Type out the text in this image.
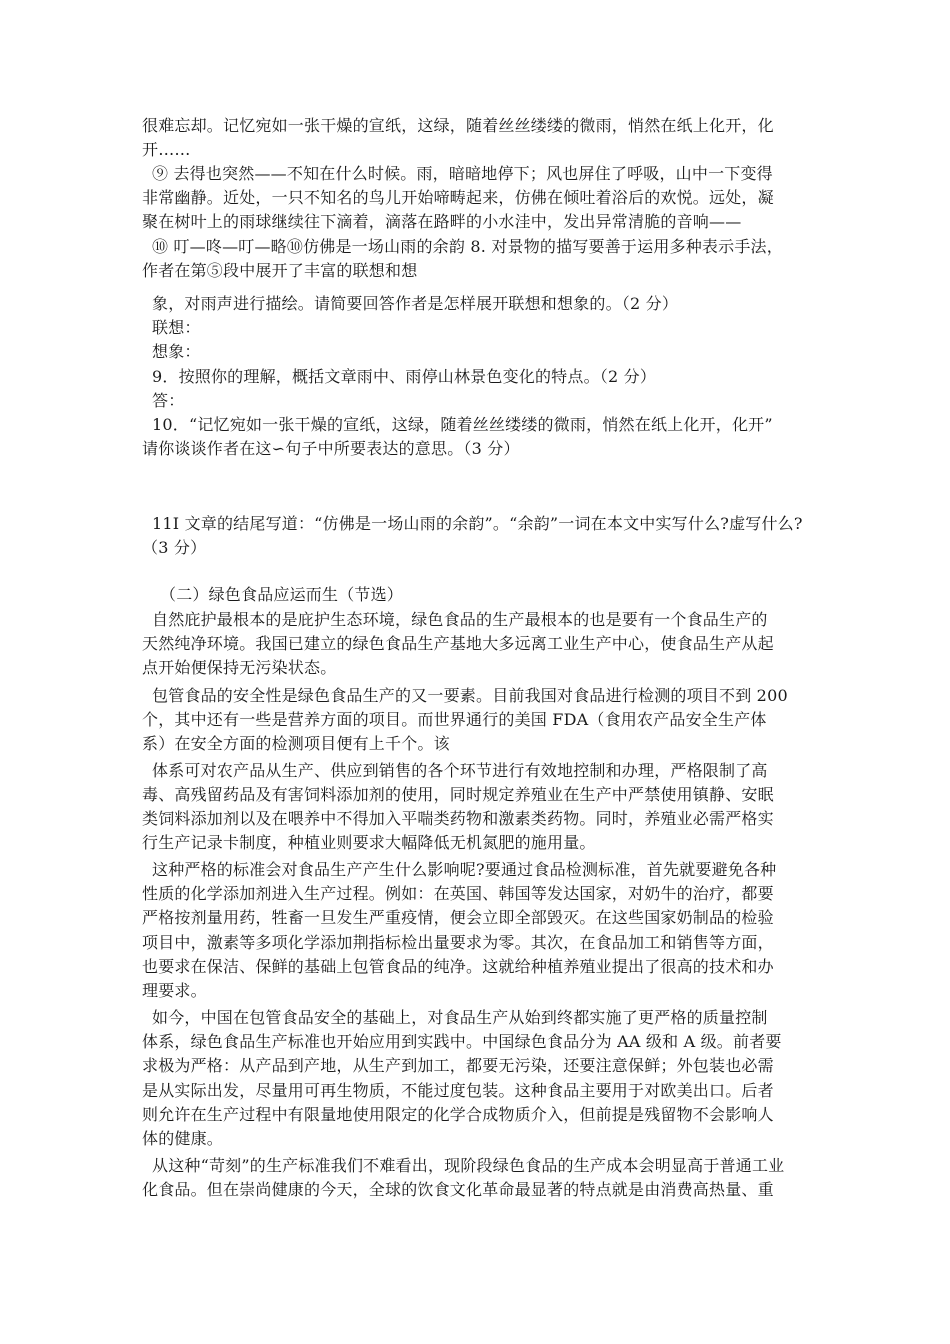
很难忘却。记忆宛如一张干燥的宣纸，这绿，随着丝丝缕缕的微雨，悄然在纸上化开，化
开……
⑨ 去得也突然——不知在什么时候。雨，暗暗地停下；风也屏住了呼吸，山中一下变得
非常幽静。近处，一只不知名的鸟儿开始啼畴起来，仿佛在倾吐着浴后的欢悦。远处，凝
聚在树叶上的雨球继续往下滴着，滴落在路畔的小水洼中，发出异常清脆的音响——
⑩ 叮—咚—叮—略⑩仿佛是一场山雨的余韵 8. 对景物的描写要善于运用多种表示手法，
作者在第⑤段中展开了丰富的联想和想
象，对雨声进行描绘。请简要回答作者是怎样展开联想和想象的。（2 分）
联想：
想象：
9．按照你的理解，概括文章雨中、雨停山林景色变化的特点。（2 分）
答：
10．“记忆宛如一张干燥的宣纸，这绿，随着丝丝缕缕的微雨，悄然在纸上化开，化开”
请你谈谈作者在这∽句子中所要表达的意思。（3 分）
11I 文章的结尾写道：“仿佛是一场山雨的余韵”。“余韵”一词在本文中实写什么?虚写什么?
（3 分）
（二）绿色食品应运而生（节选）
自然庇护最根本的是庇护生态环境，绿色食品的生产最根本的也是要有一个食品生产的
天然纯净环境。我国已建立的绿色食品生产基地大多远离工业生产中心，使食品生产从起
点开始便保持无污染状态。
包管食品的安全性是绿色食品生产的又一要素。目前我国对食品进行检测的项目不到 200
个，其中还有一些是营养方面的项目。而世界通行的美国 FDA（食用农产品安全生产体
系）在安全方面的检测项目便有上千个。该
体系可对农产品从生产、供应到销售的各个环节进行有效地控制和办理，严格限制了高
毒、高残留药品及有害饲料添加剂的使用，同时规定养殖业在生产中严禁使用镇静、安眠
类饲料添加剂以及在喂养中不得加入平喘类药物和激素类药物。同时，养殖业必需严格实
行生产记录卡制度，种植业则要求大幅降低无机氮肥的施用量。
这种严格的标准会对食品生产产生什么影响呢?要通过食品检测标准，首先就要避免各种
性质的化学添加剂进入生产过程。例如：在英国、韩国等发达国家，对奶牛的治疗，都要
严格按剂量用药，牲畜一旦发生严重疫情，便会立即全部毁灭。在这些国家奶制品的检验
项目中，激素等多项化学添加荆指标检出量要求为零。其次，在食品加工和销售等方面，
也要求在保洁、保鲜的基础上包管食品的纯净。这就给种植养殖业提出了很高的技术和办
理要求。
如今，中国在包管食品安全的基础上，对食品生产从始到终都实施了更严格的质量控制
体系，绿色食品生产标准也开始应用到实践中。中国绿色食品分为 AA 级和 A 级。前者要
求极为严格：从产品到产地，从生产到加工，都要无污染，还要注意保鲜；外包装也必需
是从实际出发，尽量用可再生物质，不能过度包装。这种食品主要用于对欧美出口。后者
则允许在生产过程中有限量地使用限定的化学合成物质介入，但前提是残留物不会影响人
体的健康。
从这种“苛刻”的生产标准我们不难看出，现阶段绿色食品的生产成本会明显高于普通工业
化食品。但在崇尚健康的今天，全球的饮食文化革命最显著的特点就是由消费高热量、重
